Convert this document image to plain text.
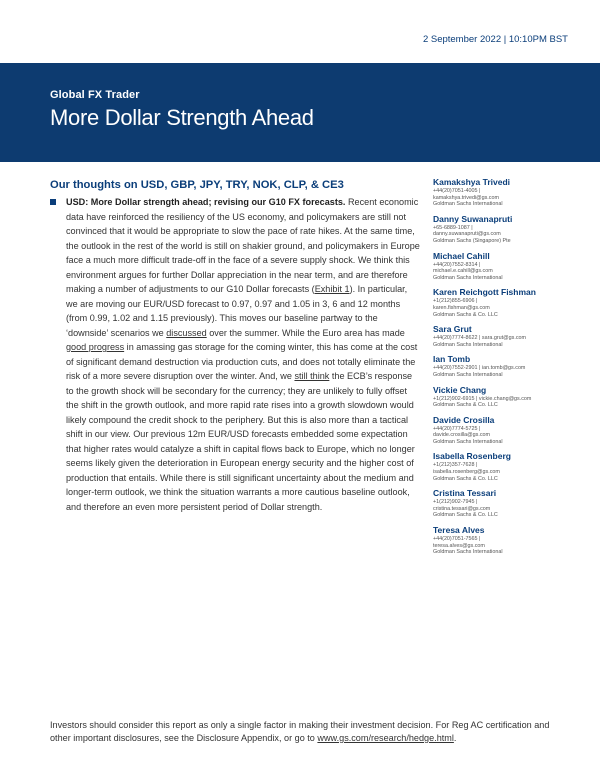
2 September 2022 | 10:10PM BST
Global FX Trader
More Dollar Strength Ahead
Our thoughts on USD, GBP, JPY, TRY, NOK, CLP, & CE3
USD: More Dollar strength ahead; revising our G10 FX forecasts. Recent economic data have reinforced the resiliency of the US economy, and policymakers are still not convinced that it would be appropriate to slow the pace of rate hikes. At the same time, the outlook in the rest of the world is still on shakier ground, and policymakers in Europe face a much more difficult trade-off in the face of a severe supply shock. We think this environment argues for further Dollar appreciation in the near term, and are therefore making a number of adjustments to our G10 Dollar forecasts (Exhibit 1). In particular, we are moving our EUR/USD forecast to 0.97, 0.97 and 1.05 in 3, 6 and 12 months (from 0.99, 1.02 and 1.15 previously). This moves our baseline partway to the ‘downside’ scenarios we discussed over the summer. While the Euro area has made good progress in amassing gas storage for the coming winter, this has come at the cost of significant demand destruction via production cuts, and does not totally eliminate the risk of a more severe disruption over the winter. And, we still think the ECB’s response to the growth shock will be secondary for the currency; they are unlikely to fully offset the shift in the growth outlook, and more rapid rate rises into a growth slowdown would likely compound the credit shock to the periphery. But this is also more than a tactical shift in our view. Our previous 12m EUR/USD forecasts embedded some expectation that higher rates would catalyze a shift in capital flows back to Europe, which no longer seems likely given the deterioration in European energy security and the higher cost of production that entails. While there is still significant uncertainty about the medium and longer-term outlook, we think the situation warrants a more cautious baseline outlook, and therefore an even more persistent period of Dollar strength.
Kamakshya Trivedi
+44(20)7051-4005 |
kamakshya.trivedi@gs.com
Goldman Sachs International
Danny Suwanapruti
+65-6889-1087 |
danny.suwanapruti@gs.com
Goldman Sachs (Singapore) Pte
Michael Cahill
+44(20)7552-8314 |
michael.e.cahill@gs.com
Goldman Sachs International
Karen Reichgott Fishman
+1(212)855-6906 |
karen.fishman@gs.com
Goldman Sachs & Co. LLC
Sara Grut
+44(20)7774-8622 | sara.grut@gs.com
Goldman Sachs International
Ian Tomb
+44(20)7552-2901 | ian.tomb@gs.com
Goldman Sachs International
Vickie Chang
+1(212)902-6915 | vickie.chang@gs.com
Goldman Sachs & Co. LLC
Davide Crosilla
+44(20)7774-5725 |
davide.crosilla@gs.com
Goldman Sachs International
Isabella Rosenberg
+1(212)357-7628 |
isabella.rosenberg@gs.com
Goldman Sachs & Co. LLC
Cristina Tessari
+1(212)902-7945 |
cristina.tessari@gs.com
Goldman Sachs & Co. LLC
Teresa Alves
+44(20)7051-7565 |
teresa.alves@gs.com
Goldman Sachs International
Investors should consider this report as only a single factor in making their investment decision. For Reg AC certification and other important disclosures, see the Disclosure Appendix, or go to www.gs.com/research/hedge.html.
